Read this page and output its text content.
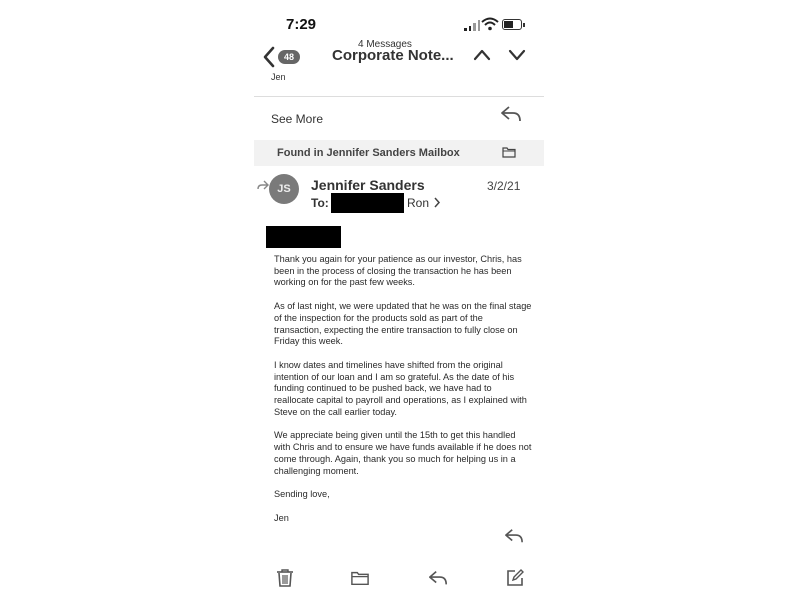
7:29
48
4 Messages
Corporate Note...
Jen
See More
Found in Jennifer Sanders Mailbox
JS	Jennifer Sanders	3/2/21
To:	Ron

Thank you again for your patience as our investor, Chris, has been in the process of closing the transaction he has been working on for the past few weeks.

As of last night, we were updated that he was on the final stage of the inspection for the products sold as part of the transaction, expecting the entire transaction to fully close on Friday this week.

I know dates and timelines have shifted from the original intention of our loan and I am so grateful. As the date of his funding continued to be pushed back, we have had to reallocate capital to payroll and operations, as I explained with Steve on the call earlier today.

We appreciate being given until the 15th to get this handled with Chris and to ensure we have funds available if he does not come through. Again, thank you so much for helping us in a challenging moment.

Sending love,

Jen
